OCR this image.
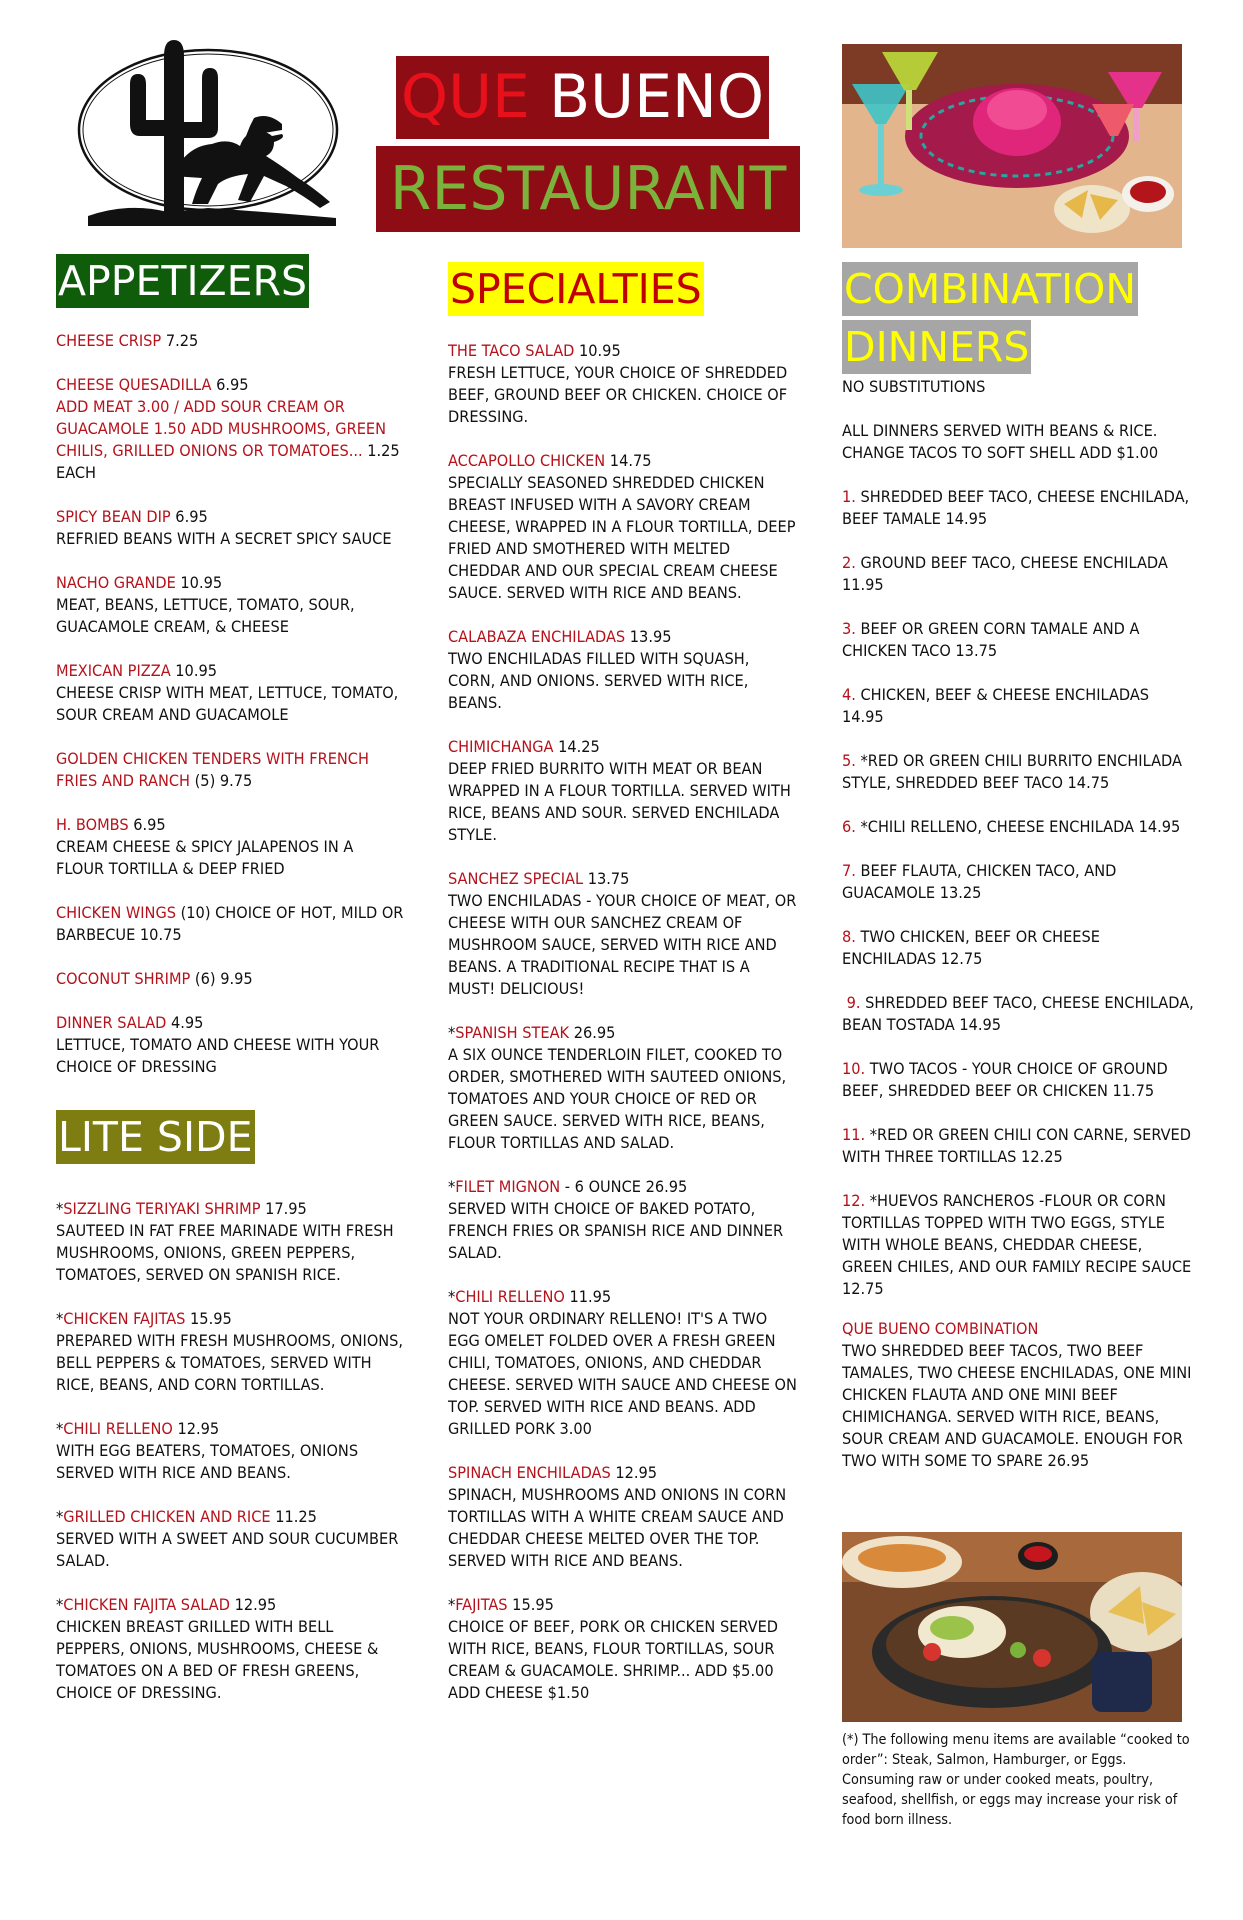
QUE BUENO
RESTAURANT
APPETIZERS
CHEESE CRISP 7.25
CHEESE QUESADILLA 6.95
ADD MEAT 3.00 / ADD SOUR CREAM OR GUACAMOLE 1.50 ADD MUSHROOMS, GREEN CHILIS, GRILLED ONIONS OR TOMATOES... 1.25 EACH
SPICY BEAN DIP 6.95
REFRIED BEANS WITH A SECRET SPICY SAUCE
NACHO GRANDE 10.95
MEAT, BEANS, LETTUCE, TOMATO, SOUR, GUACAMOLE CREAM, & CHEESE
MEXICAN PIZZA 10.95
CHEESE CRISP WITH MEAT, LETTUCE, TOMATO, SOUR CREAM AND GUACAMOLE
GOLDEN CHICKEN TENDERS WITH FRENCH FRIES AND RANCH (5) 9.75
H. BOMBS 6.95
CREAM CHEESE & SPICY JALAPENOS IN A FLOUR TORTILLA & DEEP FRIED
CHICKEN WINGS (10) CHOICE OF HOT, MILD OR BARBECUE 10.75
COCONUT SHRIMP (6) 9.95
DINNER SALAD 4.95
LETTUCE, TOMATO AND CHEESE WITH YOUR CHOICE OF DRESSING
LITE SIDE
*SIZZLING TERIYAKI SHRIMP 17.95
SAUTEED IN FAT FREE MARINADE WITH FRESH MUSHROOMS, ONIONS, GREEN PEPPERS, TOMATOES, SERVED ON SPANISH RICE.
*CHICKEN FAJITAS 15.95
PREPARED WITH FRESH MUSHROOMS, ONIONS, BELL PEPPERS & TOMATOES, SERVED WITH RICE, BEANS, AND CORN TORTILLAS.
*CHILI RELLENO 12.95
WITH EGG BEATERS, TOMATOES, ONIONS SERVED WITH RICE AND BEANS.
*GRILLED CHICKEN AND RICE 11.25
SERVED WITH A SWEET AND SOUR CUCUMBER SALAD.
*CHICKEN FAJITA SALAD 12.95
CHICKEN BREAST GRILLED WITH BELL PEPPERS, ONIONS, MUSHROOMS, CHEESE & TOMATOES ON A BED OF FRESH GREENS, CHOICE OF DRESSING.
SPECIALTIES
THE TACO SALAD 10.95
FRESH LETTUCE, YOUR CHOICE OF SHREDDED BEEF, GROUND BEEF OR CHICKEN. CHOICE OF DRESSING.
ACCAPOLLO CHICKEN 14.75
SPECIALLY SEASONED SHREDDED CHICKEN BREAST INFUSED WITH A SAVORY CREAM CHEESE, WRAPPED IN A FLOUR TORTILLA, DEEP FRIED AND SMOTHERED WITH MELTED CHEDDAR AND OUR SPECIAL CREAM CHEESE SAUCE. SERVED WITH RICE AND BEANS.
CALABAZA ENCHILADAS 13.95
TWO ENCHILADAS FILLED WITH SQUASH, CORN, AND ONIONS. SERVED WITH RICE, BEANS.
CHIMICHANGA 14.25
DEEP FRIED BURRITO WITH MEAT OR BEAN WRAPPED IN A FLOUR TORTILLA. SERVED WITH RICE, BEANS AND SOUR. SERVED ENCHILADA STYLE.
SANCHEZ SPECIAL 13.75
TWO ENCHILADAS - YOUR CHOICE OF MEAT, OR CHEESE WITH OUR SANCHEZ CREAM OF MUSHROOM SAUCE, SERVED WITH RICE AND BEANS. A TRADITIONAL RECIPE THAT IS A MUST! DELICIOUS!
*SPANISH STEAK 26.95
A SIX OUNCE TENDERLOIN FILET, COOKED TO ORDER, SMOTHERED WITH SAUTEED ONIONS, TOMATOES AND YOUR CHOICE OF RED OR GREEN SAUCE. SERVED WITH RICE, BEANS, FLOUR TORTILLAS AND SALAD.
*FILET MIGNON - 6 OUNCE 26.95
SERVED WITH CHOICE OF BAKED POTATO, FRENCH FRIES OR SPANISH RICE AND DINNER SALAD.
*CHILI RELLENO 11.95
NOT YOUR ORDINARY RELLENO! IT'S A TWO EGG OMELET FOLDED OVER A FRESH GREEN CHILI, TOMATOES, ONIONS, AND CHEDDAR CHEESE. SERVED WITH SAUCE AND CHEESE ON TOP. SERVED WITH RICE AND BEANS. ADD GRILLED PORK 3.00
SPINACH ENCHILADAS 12.95
SPINACH, MUSHROOMS AND ONIONS IN CORN TORTILLAS WITH A WHITE CREAM SAUCE AND CHEDDAR CHEESE MELTED OVER THE TOP. SERVED WITH RICE AND BEANS.
*FAJITAS 15.95
CHOICE OF BEEF, PORK OR CHICKEN SERVED WITH RICE, BEANS, FLOUR TORTILLAS, SOUR CREAM & GUACAMOLE. SHRIMP... ADD $5.00 ADD CHEESE $1.50
COMBINATION
DINNERS
NO SUBSTITUTIONS
ALL DINNERS SERVED WITH BEANS & RICE. CHANGE TACOS TO SOFT SHELL ADD $1.00
1. SHREDDED BEEF TACO, CHEESE ENCHILADA, BEEF TAMALE 14.95
2. GROUND BEEF TACO, CHEESE ENCHILADA 11.95
3. BEEF OR GREEN CORN TAMALE AND A CHICKEN TACO 13.75
4. CHICKEN, BEEF & CHEESE ENCHILADAS 14.95
5. *RED OR GREEN CHILI BURRITO ENCHILADA STYLE, SHREDDED BEEF TACO 14.75
6. *CHILI RELLENO, CHEESE ENCHILADA 14.95
7. BEEF FLAUTA, CHICKEN TACO, AND GUACAMOLE 13.25
8. TWO CHICKEN, BEEF OR CHEESE ENCHILADAS 12.75
9. SHREDDED BEEF TACO, CHEESE ENCHILADA, BEAN TOSTADA 14.95
10. TWO TACOS - YOUR CHOICE OF GROUND BEEF, SHREDDED BEEF OR CHICKEN 11.75
11. *RED OR GREEN CHILI CON CARNE, SERVED WITH THREE TORTILLAS 12.25
12. *HUEVOS RANCHEROS -FLOUR OR CORN TORTILLAS TOPPED WITH TWO EGGS, STYLE WITH WHOLE BEANS, CHEDDAR CHEESE, GREEN CHILES, AND OUR FAMILY RECIPE SAUCE 12.75
QUE BUENO COMBINATION
TWO SHREDDED BEEF TACOS, TWO BEEF TAMALES, TWO CHEESE ENCHILADAS, ONE MINI CHICKEN FLAUTA AND ONE MINI BEEF CHIMICHANGA. SERVED WITH RICE, BEANS, SOUR CREAM AND GUACAMOLE. ENOUGH FOR TWO WITH SOME TO SPARE 26.95
(*) The following menu items are available “cooked to order”: Steak, Salmon, Hamburger, or Eggs. Consuming raw or under cooked meats, poultry, seafood, shellfish, or eggs may increase your risk of food born illness.
